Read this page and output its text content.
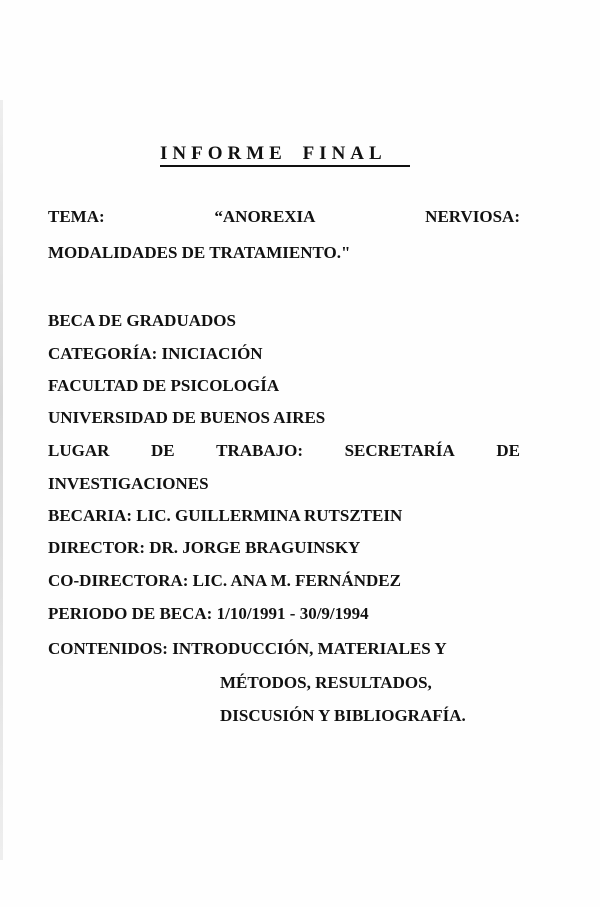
INFORME FINAL
TEMA:	“ANOREXIA	NERVIOSA:
MODALIDADES DE TRATAMIENTO."
BECA DE GRADUADOS
CATEGORÍA: INICIACIÓN
FACULTAD DE PSICOLOGÍA
UNIVERSIDAD DE BUENOS AIRES
LUGAR DE TRABAJO: SECRETARÍA DE
INVESTIGACIONES
BECARIA: LIC. GUILLERMINA RUTSZTEIN
DIRECTOR: DR. JORGE BRAGUINSKY
CO-DIRECTORA: LIC. ANA M. FERNÁNDEZ
PERIODO DE BECA: 1/10/1991 - 30/9/1994
CONTENIDOS: INTRODUCCIÓN, MATERIALES Y
MÉTODOS, RESULTADOS,
DISCUSIÓN Y BIBLIOGRAFÍA.
